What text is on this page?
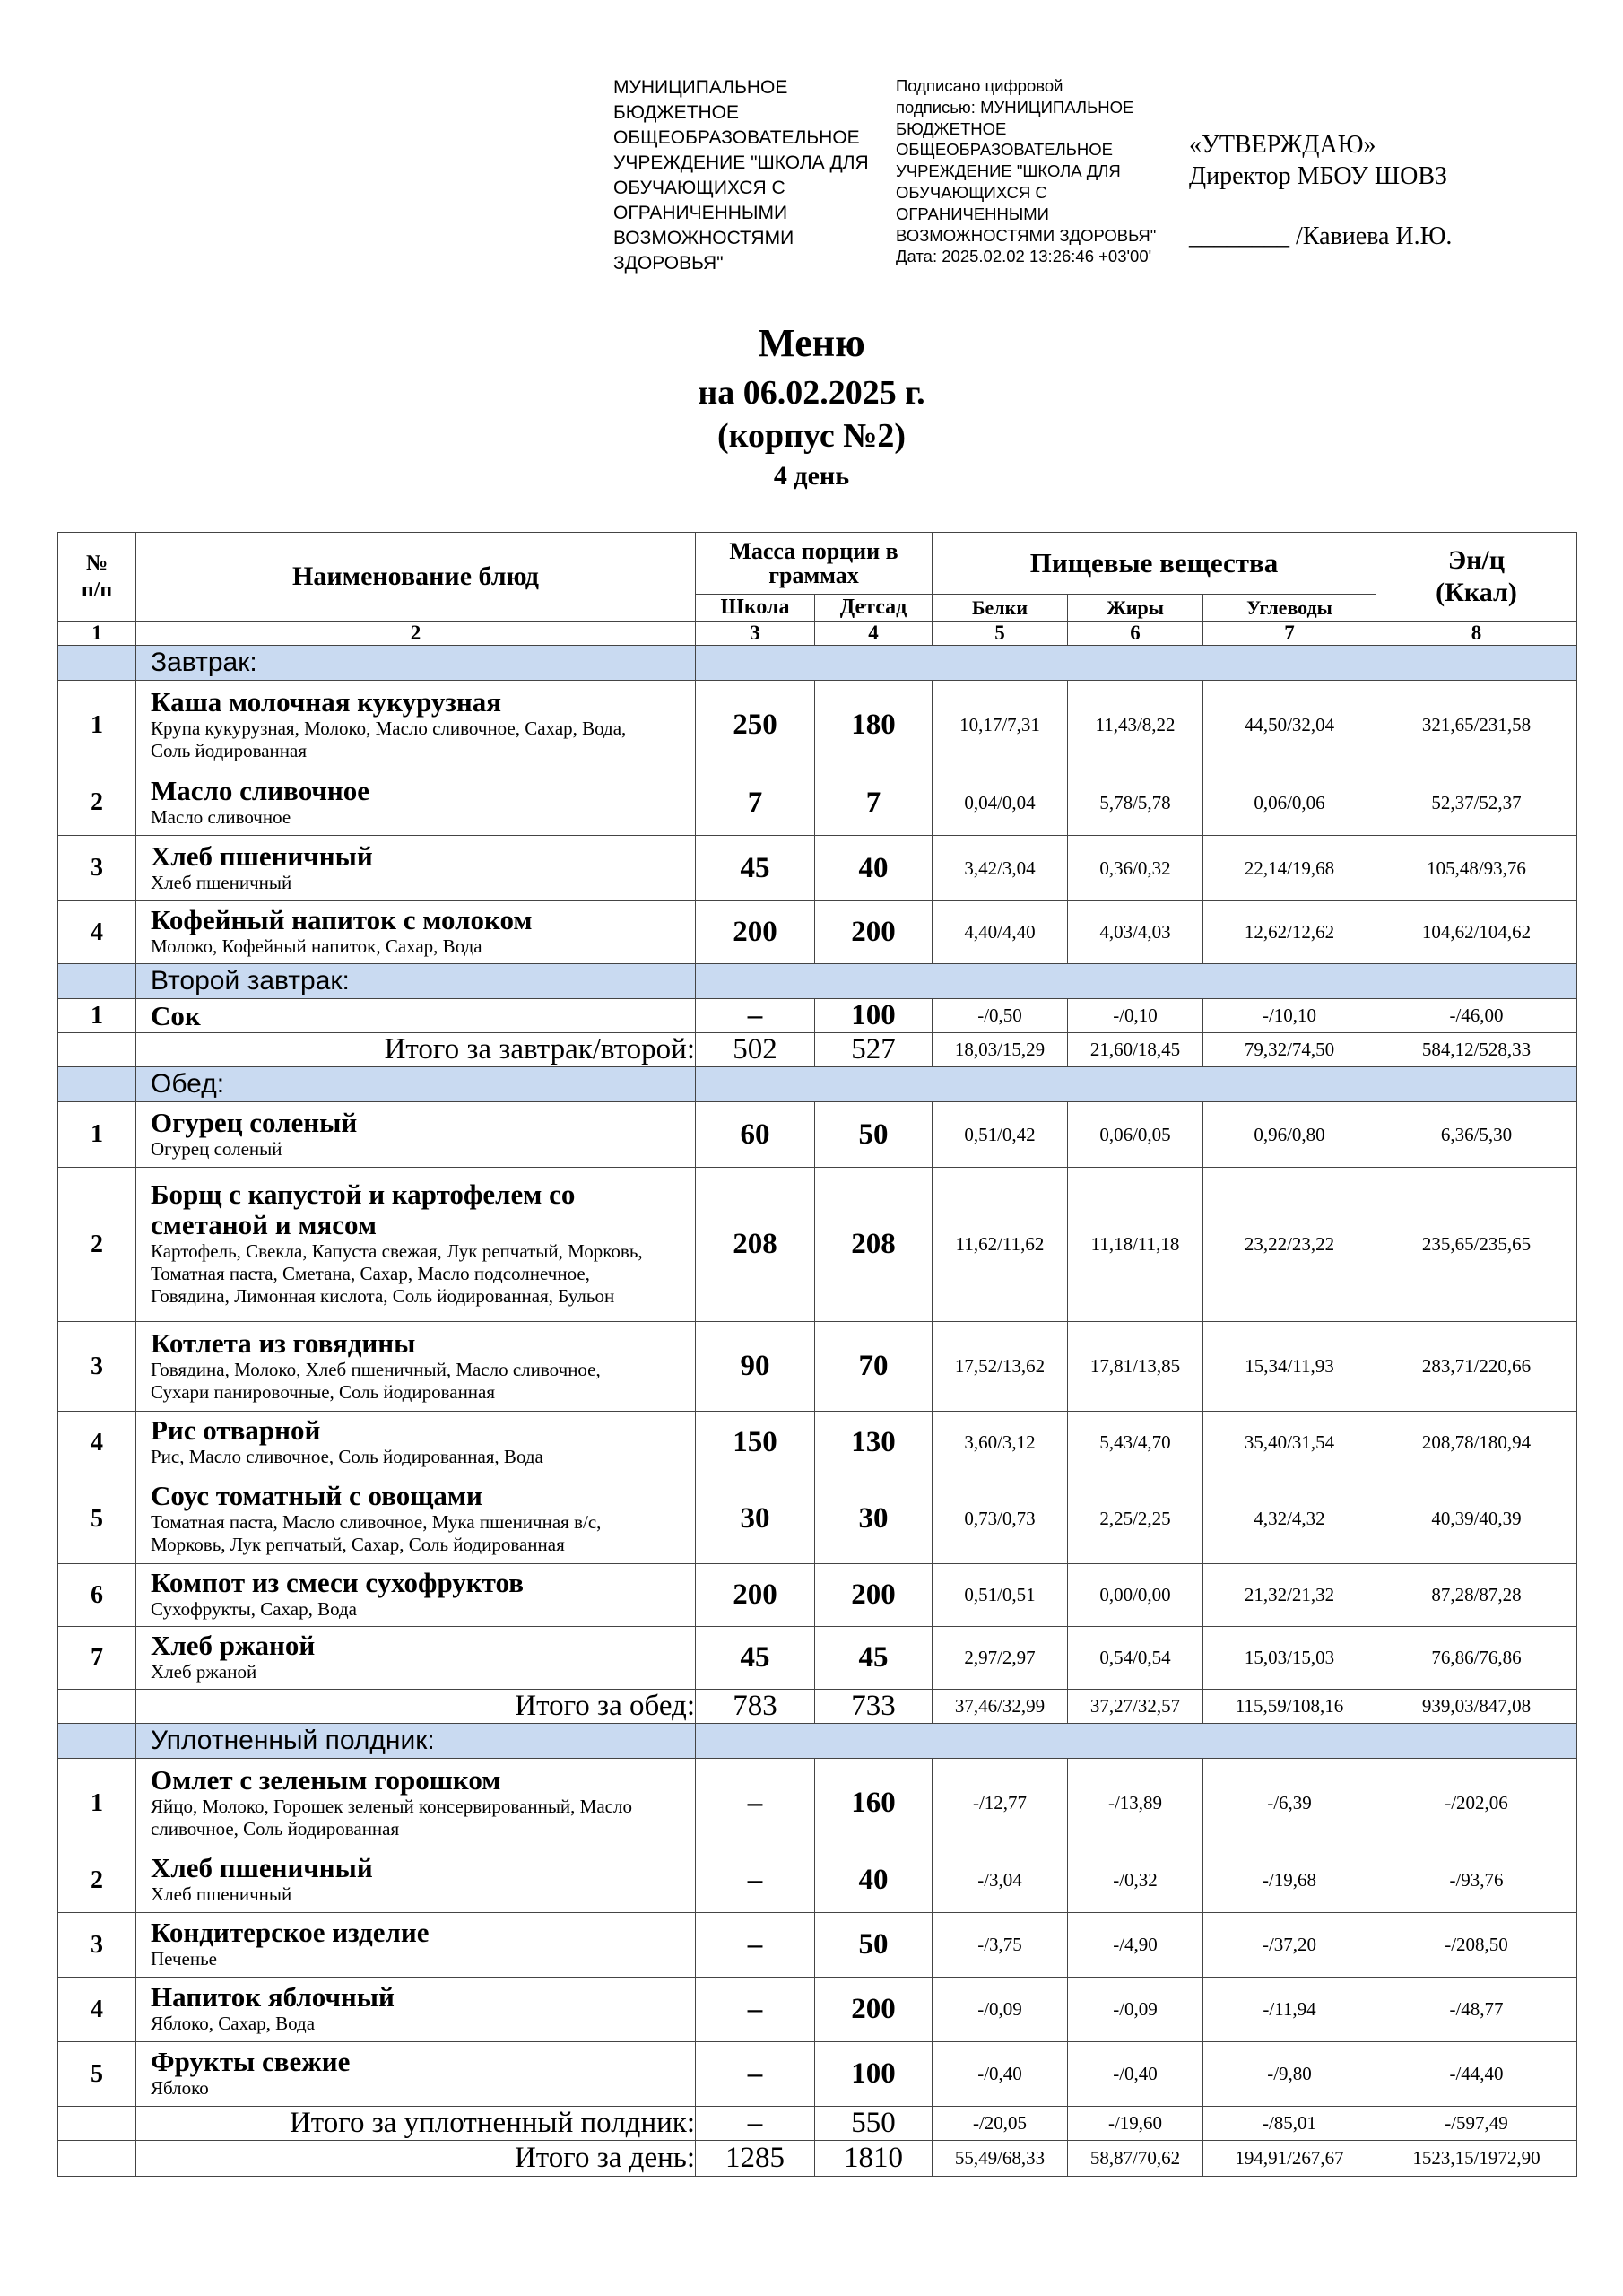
МУНИЦИПАЛЬНОЕ
БЮДЖЕТНОЕ
ОБЩЕОБРАЗОВАТЕЛЬНОЕ
УЧРЕЖДЕНИЕ "ШКОЛА ДЛЯ
ОБУЧАЮЩИХСЯ С
ОГРАНИЧЕННЫМИ
ВОЗМОЖНОСТЯМИ
ЗДОРОВЬЯ"
Подписано цифровой
подписью: МУНИЦИПАЛЬНОЕ
БЮДЖЕТНОЕ
ОБЩЕОБРАЗОВАТЕЛЬНОЕ
УЧРЕЖДЕНИЕ "ШКОЛА ДЛЯ
ОБУЧАЮЩИХСЯ С
ОГРАНИЧЕННЫМИ
ВОЗМОЖНОСТЯМИ ЗДОРОВЬЯ"
Дата: 2025.02.02 13:26:46 +03'00'
«УТВЕРЖДАЮ»
Директор МБОУ ШОВЗ
________ /Кавиева И.Ю.
Меню
на 06.02.2025 г.
(корпус №2)
4 день
№ п/п	Наименование блюд	Масса порции в граммах		Пищевые вещества			Эн/ц (Ккал)
		Школа	Детсад	Белки	Жиры	Углеводы	
1	2	3	4	5	6	7	8
	Завтрак:						
1	Каша молочная кукурузная
Крупа кукурузная, Молоко, Масло сливочное, Сахар, Вода, Соль йодированная	250	180	10,17/7,31	11,43/8,22	44,50/32,04	321,65/231,58
2	Масло сливочное
Масло сливочное	7	7	0,04/0,04	5,78/5,78	0,06/0,06	52,37/52,37
3	Хлеб пшеничный
Хлеб пшеничный	45	40	3,42/3,04	0,36/0,32	22,14/19,68	105,48/93,76
4	Кофейный напиток с молоком
Молоко, Кофейный напиток, Сахар, Вода	200	200	4,40/4,40	4,03/4,03	12,62/12,62	104,62/104,62
	Второй завтрак:						
1	Сок	–	100	-/0,50	-/0,10	-/10,10	-/46,00
	Итого за завтрак/второй:	502	527	18,03/15,29	21,60/18,45	79,32/74,50	584,12/528,33
	Обед:						
1	Огурец соленый
Огурец соленый	60	50	0,51/0,42	0,06/0,05	0,96/0,80	6,36/5,30
2	Борщ с капустой и картофелем со сметаной и мясом
Картофель, Свекла, Капуста свежая, Лук репчатый, Морковь, Томатная паста, Сметана, Сахар, Масло подсолнечное, Говядина, Лимонная кислота, Соль йодированная, Бульон	208	208	11,62/11,62	11,18/11,18	23,22/23,22	235,65/235,65
3	Котлета из говядины
Говядина, Молоко, Хлеб пшеничный, Масло сливочное, Сухари панировочные, Соль йодированная	90	70	17,52/13,62	17,81/13,85	15,34/11,93	283,71/220,66
4	Рис отварной
Рис, Масло сливочное, Соль йодированная, Вода	150	130	3,60/3,12	5,43/4,70	35,40/31,54	208,78/180,94
5	Соус томатный с овощами
Томатная паста, Масло сливочное, Мука пшеничная в/с, Морковь, Лук репчатый, Сахар, Соль йодированная	30	30	0,73/0,73	2,25/2,25	4,32/4,32	40,39/40,39
6	Компот из смеси сухофруктов
Сухофрукты, Сахар, Вода	200	200	0,51/0,51	0,00/0,00	21,32/21,32	87,28/87,28
7	Хлеб ржаной
Хлеб ржаной	45	45	2,97/2,97	0,54/0,54	15,03/15,03	76,86/76,86
	Итого за обед:	783	733	37,46/32,99	37,27/32,57	115,59/108,16	939,03/847,08
	Уплотненный полдник:						
1	Омлет с зеленым горошком
Яйцо, Молоко, Горошек зеленый консервированный, Масло сливочное, Соль йодированная	–	160	-/12,77	-/13,89	-/6,39	-/202,06
2	Хлеб пшеничный
Хлеб пшеничный	–	40	-/3,04	-/0,32	-/19,68	-/93,76
3	Кондитерское изделие
Печенье	–	50	-/3,75	-/4,90	-/37,20	-/208,50
4	Напиток яблочный
Яблоко, Сахар, Вода	–	200	-/0,09	-/0,09	-/11,94	-/48,77
5	Фрукты свежие
Яблоко	–	100	-/0,40	-/0,40	-/9,80	-/44,40
	Итого за уплотненный полдник:	–	550	-/20,05	-/19,60	-/85,01	-/597,49
	Итого за день:	1285	1810	55,49/68,33	58,87/70,62	194,91/267,67	1523,15/1972,90
